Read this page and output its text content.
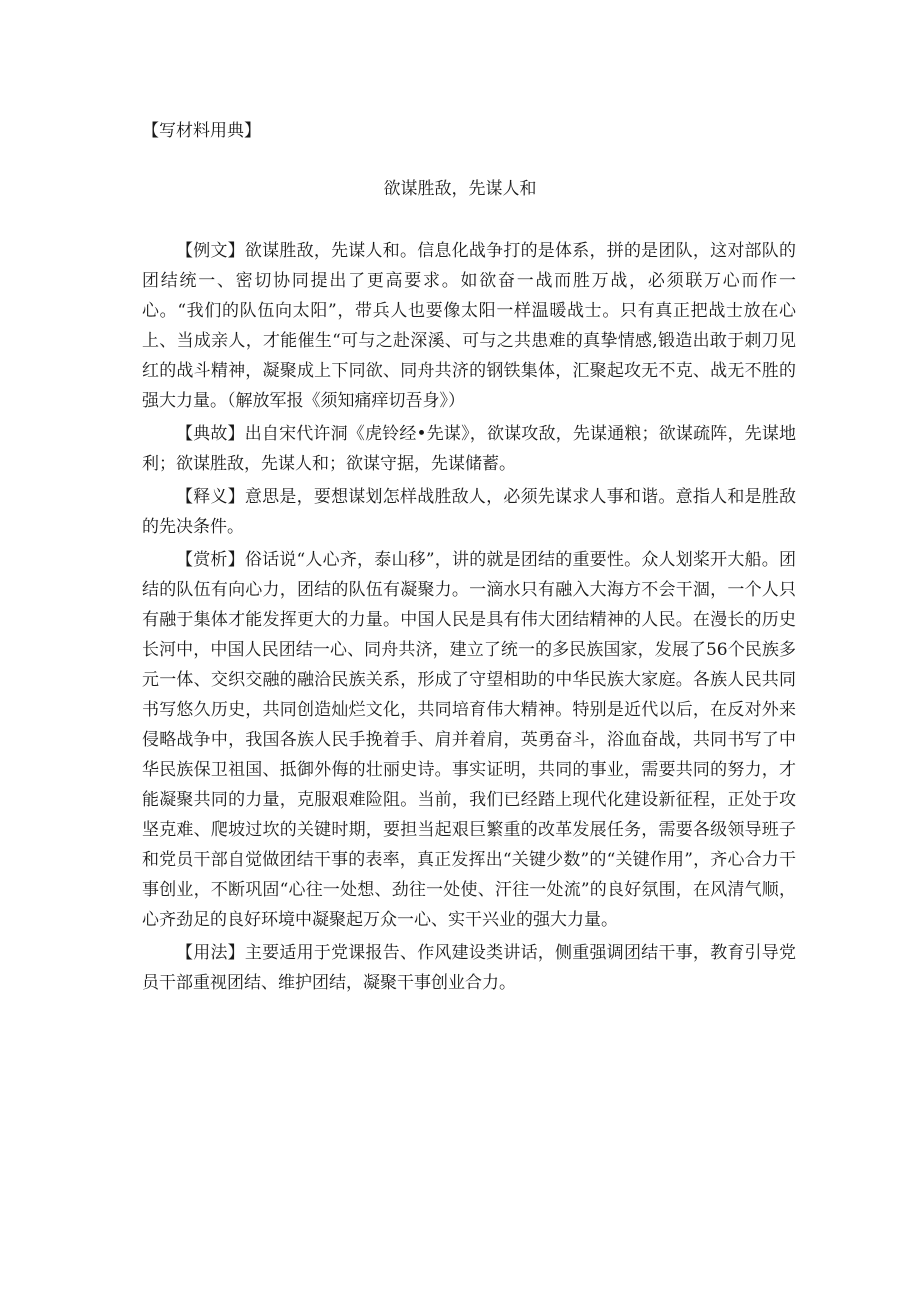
【写材料用典】

欲谋胜敌，先谋人和

【例文】欲谋胜敌，先谋人和。信息化战争打的是体系，拼的是团队，这对部队的团结统一、密切协同提出了更高要求。如欲奋一战而胜万战，必须联万心而作一心。“我们的队伍向太阳”，带兵人也要像太阳一样温暖战士。只有真正把战士放在心上、当成亲人，才能催生“可与之赴深溪、可与之共患难的真挚情感,锻造出敢于刺刀见红的战斗精神，凝聚成上下同欲、同舟共济的钢铁集体，汇聚起攻无不克、战无不胜的强大力量。（解放军报《须知痛痒切吾身》）

【典故】出自宋代许洞《虎铃经•先谋》，欲谋攻敌，先谋通粮；欲谋疏阵，先谋地利；欲谋胜敌，先谋人和；欲谋守据，先谋储蓄。

【释义】意思是，要想谋划怎样战胜敌人，必须先谋求人事和谐。意指人和是胜敌的先决条件。

【赏析】俗话说“人心齐，泰山移”，讲的就是团结的重要性。众人划桨开大船。团结的队伍有向心力，团结的队伍有凝聚力。一滴水只有融入大海方不会干涸，一个人只有融于集体才能发挥更大的力量。中国人民是具有伟大团结精神的人民。在漫长的历史长河中，中国人民团结一心、同舟共济，建立了统一的多民族国家，发展了56个民族多元一体、交织交融的融洽民族关系，形成了守望相助的中华民族大家庭。各族人民共同书写悠久历史，共同创造灿烂文化，共同培育伟大精神。特别是近代以后，在反对外来侵略战争中，我国各族人民手挽着手、肩并着肩，英勇奋斗，浴血奋战，共同书写了中华民族保卫祖国、抵御外侮的壮丽史诗。事实证明，共同的事业，需要共同的努力，才能凝聚共同的力量，克服艰难险阻。当前，我们已经踏上现代化建设新征程，正处于攻坚克难、爬坡过坎的关键时期，要担当起艰巨繁重的改革发展任务，需要各级领导班子和党员干部自觉做团结干事的表率，真正发挥出“关键少数”的“关键作用”，齐心合力干事创业，不断巩固“心往一处想、劲往一处使、汗往一处流”的良好氛围，在风清气顺，心齐劲足的良好环境中凝聚起万众一心、实干兴业的强大力量。

【用法】主要适用于党课报告、作风建设类讲话，侧重强调团结干事，教育引导党员干部重视团结、维护团结，凝聚干事创业合力。
